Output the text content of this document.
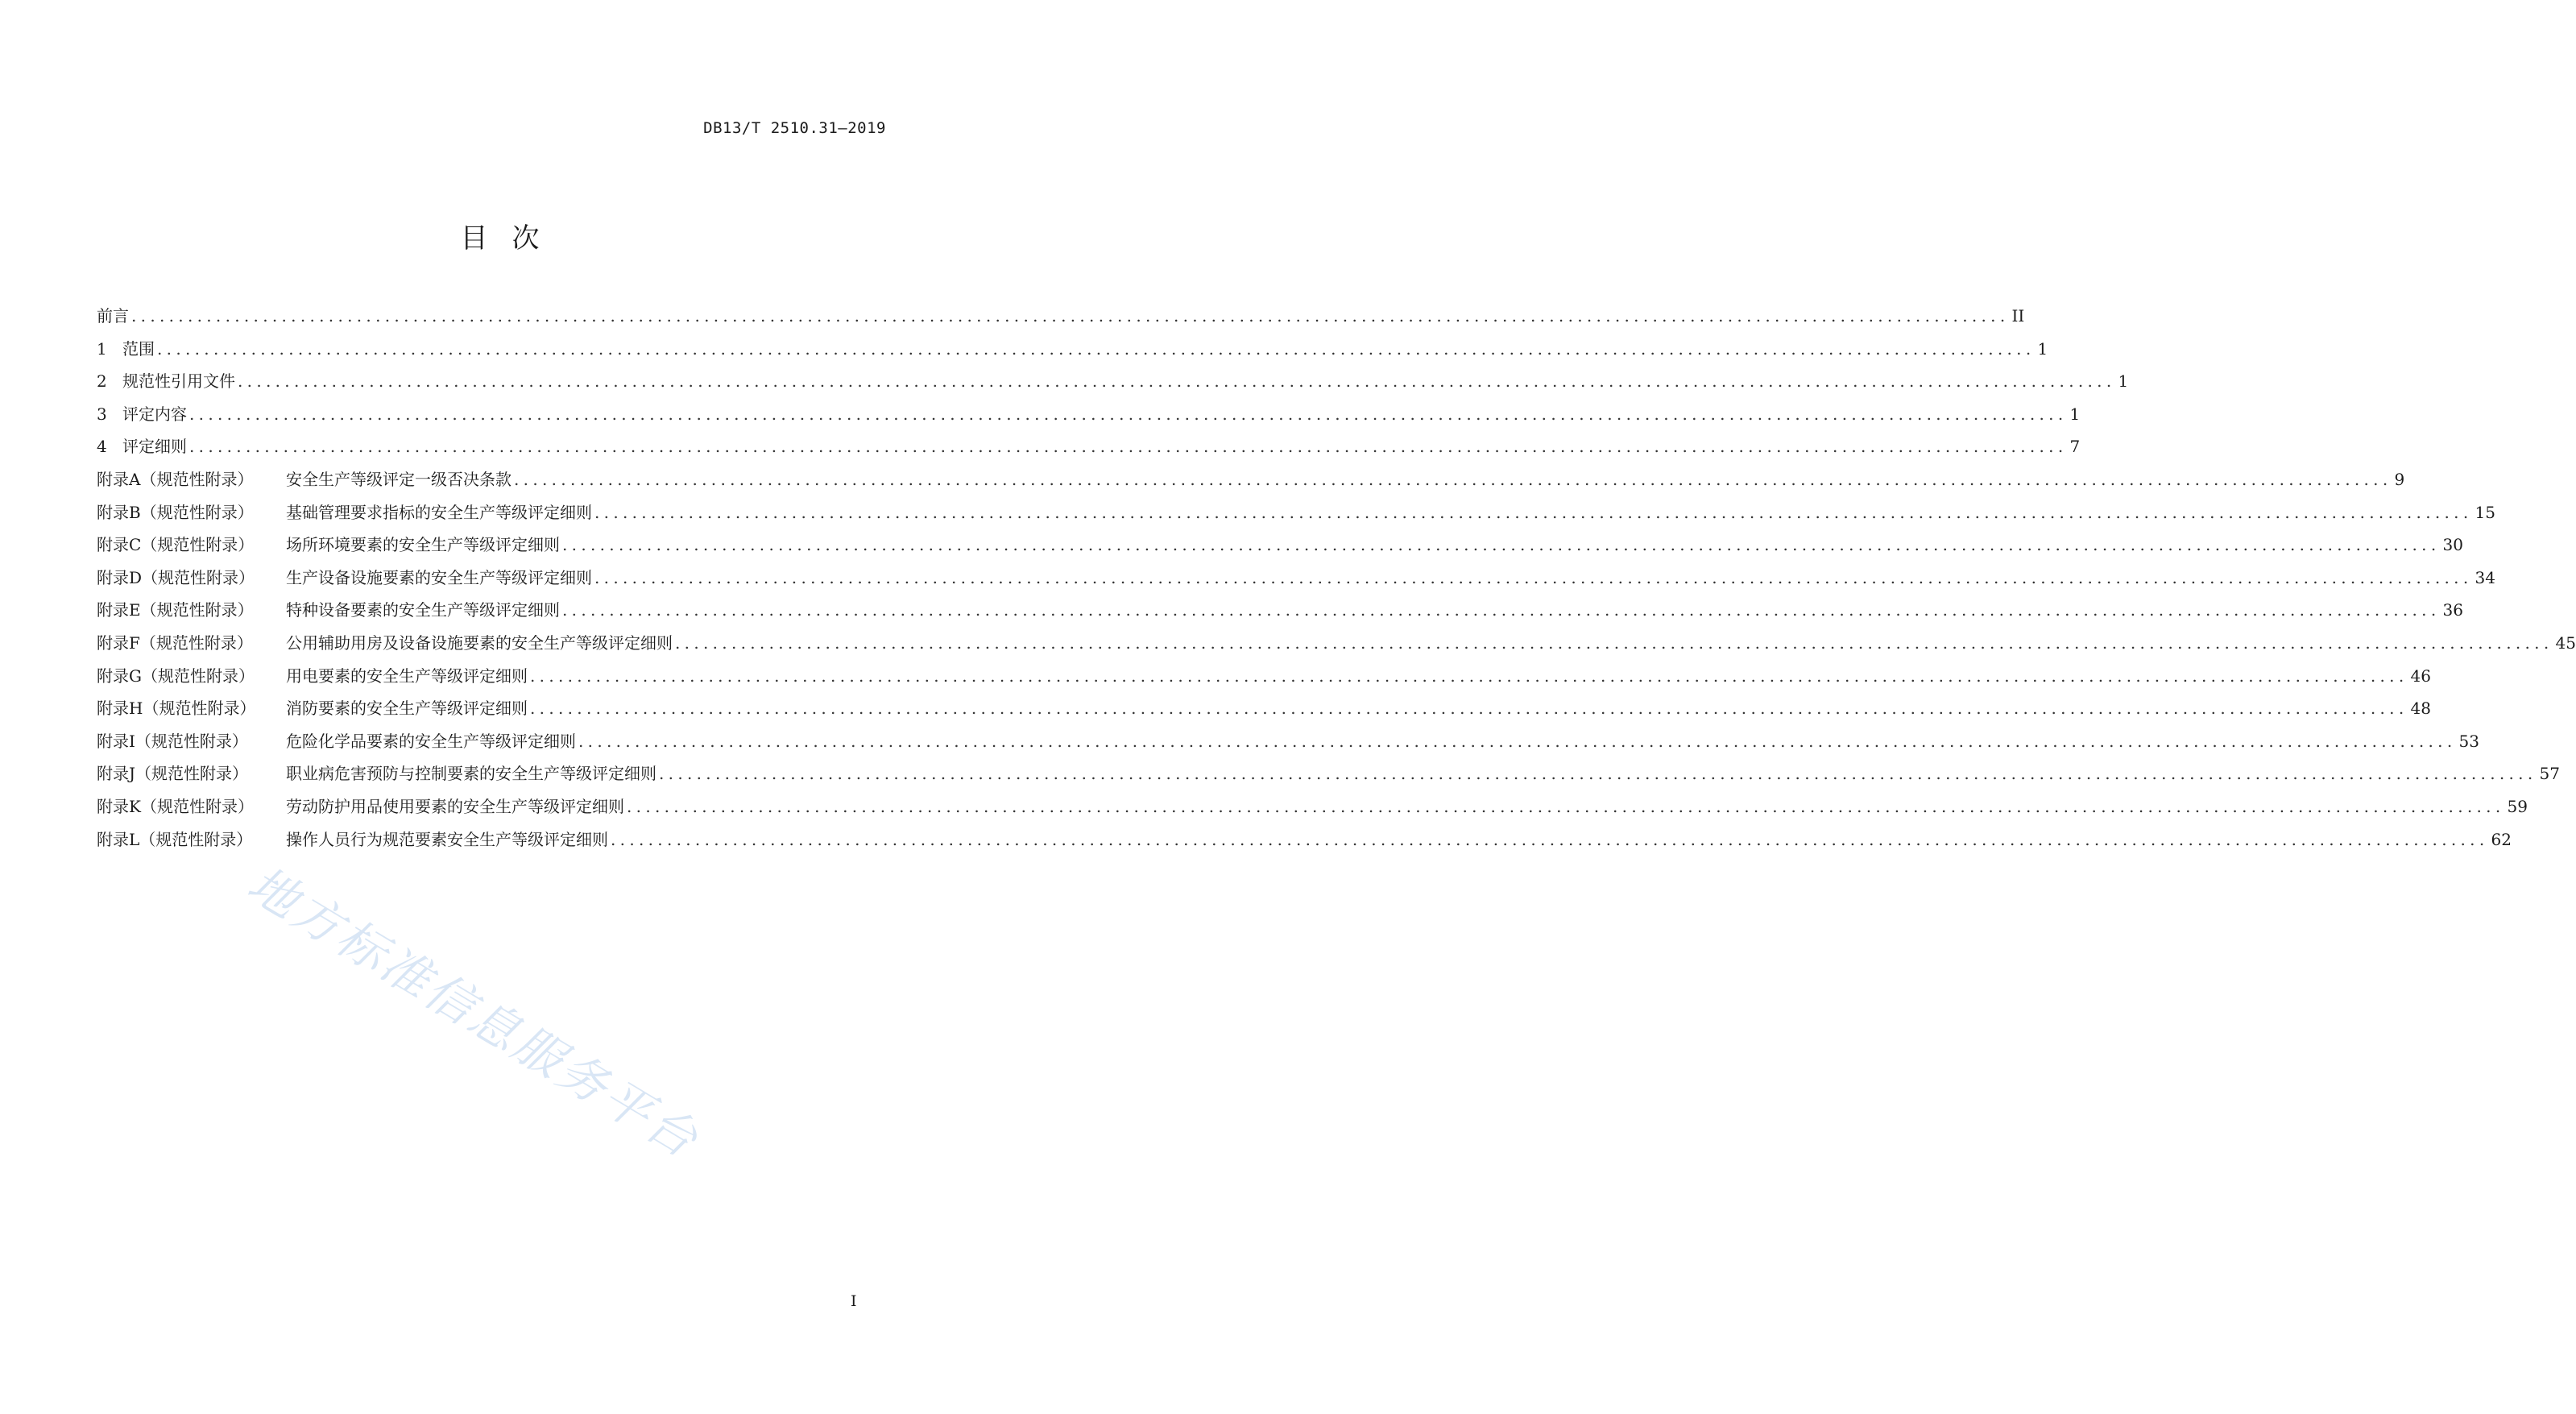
DB13/T 2510.31—2019
目次
前言 ........................................................................................................................................................................................................ II
1 范围 ........................................................................................................................................................................................................ 1
2 规范性引用文件 ........................................................................................................................................................................................................ 1
3 评定内容 ........................................................................................................................................................................................................ 1
4 评定细则 ........................................................................................................................................................................................................ 7
附录A（规范性附录）	安全生产等级评定一级否决条款 ........................................................................................................................................................................................................ 9
附录B（规范性附录）	基础管理要求指标的安全生产等级评定细则 ........................................................................................................................................................................................................ 15
附录C（规范性附录）	场所环境要素的安全生产等级评定细则 ........................................................................................................................................................................................................ 30
附录D（规范性附录）	生产设备设施要素的安全生产等级评定细则 ........................................................................................................................................................................................................ 34
附录E（规范性附录）	特种设备要素的安全生产等级评定细则 ........................................................................................................................................................................................................ 36
附录F（规范性附录）	公用辅助用房及设备设施要素的安全生产等级评定细则 ........................................................................................................................................................................................................ 45
附录G（规范性附录）	用电要素的安全生产等级评定细则 ........................................................................................................................................................................................................ 46
附录H（规范性附录）	消防要素的安全生产等级评定细则 ........................................................................................................................................................................................................ 48
附录I（规范性附录）	危险化学品要素的安全生产等级评定细则 ........................................................................................................................................................................................................ 53
附录J（规范性附录）	职业病危害预防与控制要素的安全生产等级评定细则 ........................................................................................................................................................................................................ 57
附录K（规范性附录）	劳动防护用品使用要素的安全生产等级评定细则 ........................................................................................................................................................................................................ 59
附录L（规范性附录）	操作人员行为规范要素安全生产等级评定细则 ........................................................................................................................................................................................................ 62
地方标准信息服务平台
I
